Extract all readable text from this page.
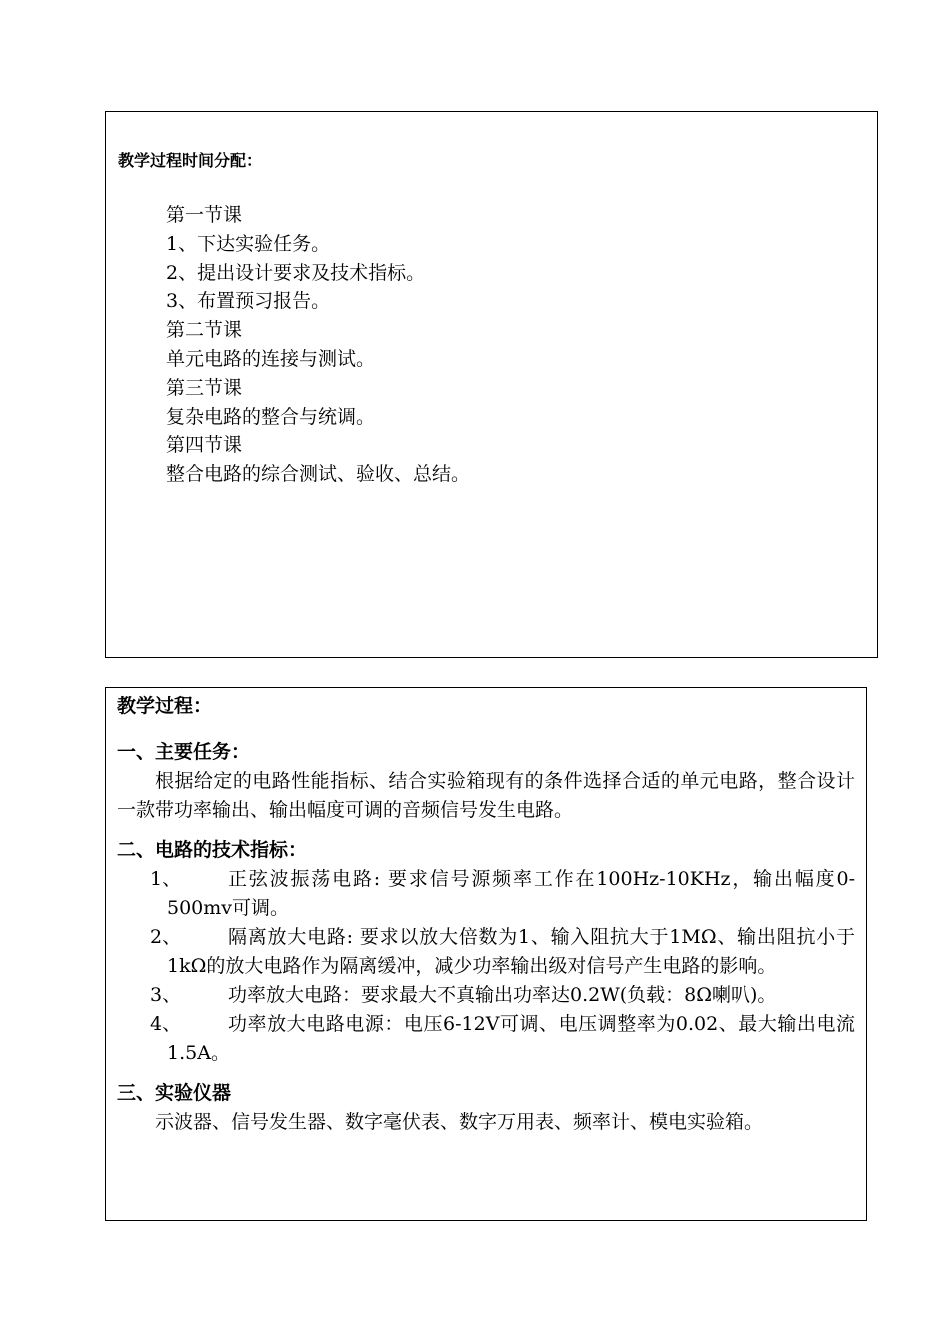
教学过程时间分配：
第一节课
1、下达实验任务。
2、提出设计要求及技术指标。
3、布置预习报告。
第二节课
单元电路的连接与测试。
第三节课
复杂电路的整合与统调。
第四节课
整合电路的综合测试、验收、总结。
教学过程：
一、主要任务：

根据给定的电路性能指标、结合实验箱现有的条件选择合适的单元电路，整合设计一款带功率输出、输出幅度可调的音频信号发生电路。

二、电路的技术指标：
1、	正弦波振荡电路: 要求信号源频率工作在100Hz-10KHz，输出幅度0-500mv可调。
2、	隔离放大电路: 要求以放大倍数为1、输入阻抗大于1MΩ、输出阻抗小于1kΩ的放大电路作为隔离缓冲，减少功率输出级对信号产生电路的影响。
3、	功率放大电路：要求最大不真输出功率达0.2W(负载：8Ω喇叭)。
4、	功率放大电路电源：电压6-12V可调、电压调整率为0.02、最大输出电流1.5A。
三、实验仪器

示波器、信号发生器、数字毫伏表、数字万用表、频率计、模电实验箱。
